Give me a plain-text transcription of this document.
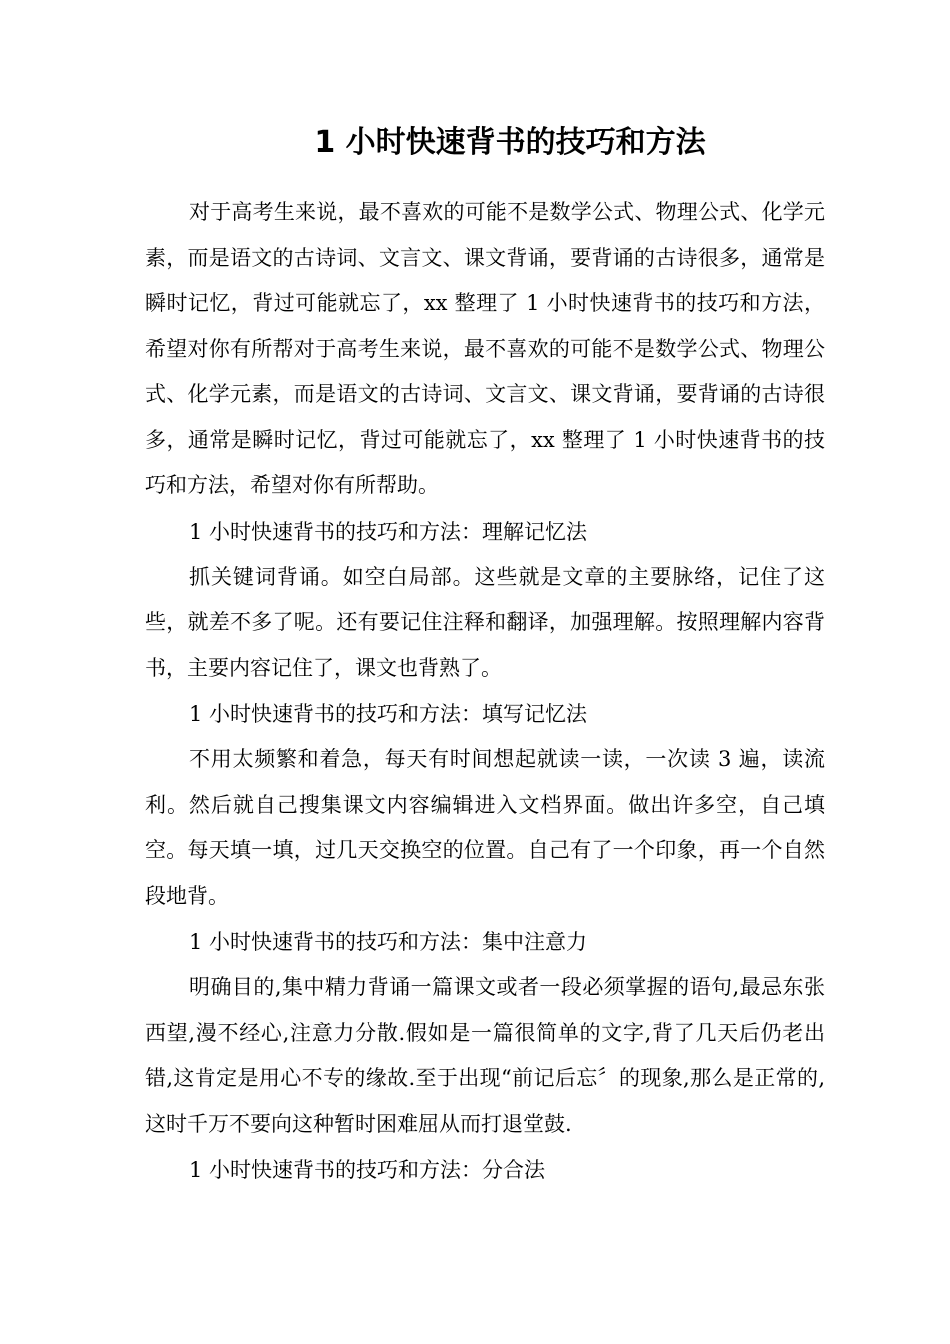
1 小时快速背书的技巧和方法

对于高考生来说，最不喜欢的可能不是数学公式、物理公式、化学元素，而是语文的古诗词、文言文、课文背诵，要背诵的古诗很多，通常是瞬时记忆，背过可能就忘了，xx 整理了 1 小时快速背书的技巧和方法，希望对你有所帮对于高考生来说，最不喜欢的可能不是数学公式、物理公式、化学元素，而是语文的古诗词、文言文、课文背诵，要背诵的古诗很多，通常是瞬时记忆，背过可能就忘了，xx 整理了 1 小时快速背书的技巧和方法，希望对你有所帮助。

1 小时快速背书的技巧和方法：理解记忆法

抓关键词背诵。如空白局部。这些就是文章的主要脉络，记住了这些，就差不多了呢。还有要记住注释和翻译，加强理解。按照理解内容背书，主要内容记住了，课文也背熟了。

1 小时快速背书的技巧和方法：填写记忆法

不用太频繁和着急，每天有时间想起就读一读，一次读 3 遍，读流利。然后就自己搜集课文内容编辑进入文档界面。做出许多空，自己填空。每天填一填，过几天交换空的位置。自己有了一个印象，再一个自然段地背。

1 小时快速背书的技巧和方法：集中注意力

明确目的,集中精力背诵一篇课文或者一段必须掌握的语句,最忌东张西望,漫不经心,注意力分散.假如是一篇很简单的文字,背了几天后仍老出错,这肯定是用心不专的缘故.至于出现“前记后忘〞的现象,那么是正常的,这时千万不要向这种暂时困难屈从而打退堂鼓.

1 小时快速背书的技巧和方法：分合法
